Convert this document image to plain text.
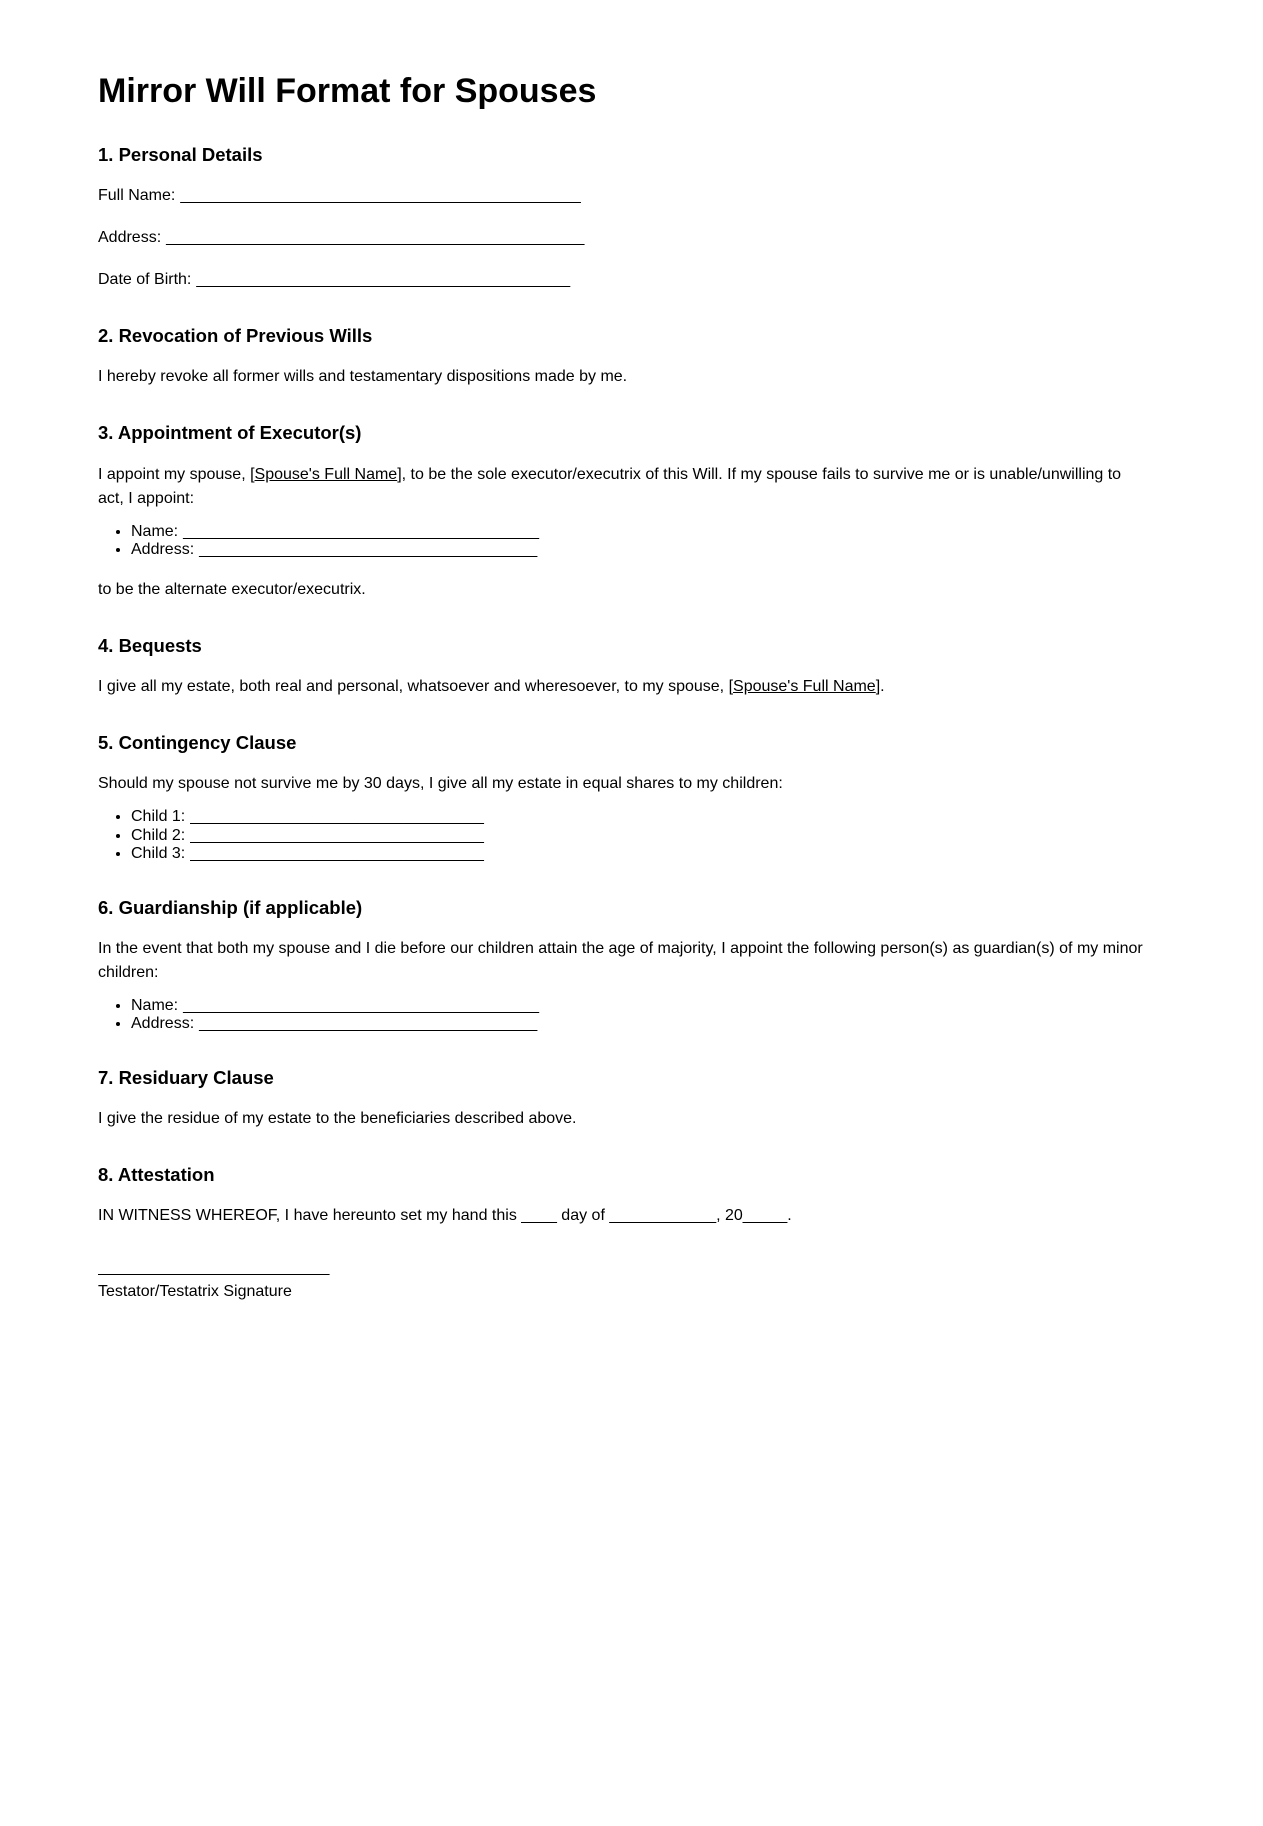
Mirror Will Format for Spouses
1. Personal Details

Full Name: _____________________________________________

Address: _______________________________________________

Date of Birth: __________________________________________

2. Revocation of Previous Wills

I hereby revoke all former wills and testamentary dispositions made by me.

3. Appointment of Executor(s)

I appoint my spouse, [Spouse's Full Name], to be the sole executor/executrix of this Will. If my spouse fails to survive me or is unable/unwilling to
act, I appoint:

• Name: ________________________________________
• Address: ______________________________________

to be the alternate executor/executrix.

4. Bequests

I give all my estate, both real and personal, whatsoever and wheresoever, to my spouse, [Spouse's Full Name].

5. Contingency Clause

Should my spouse not survive me by 30 days, I give all my estate in equal shares to my children:

• Child 1: _________________________________
• Child 2: _________________________________
• Child 3: _________________________________
6. Guardianship (if applicable)

In the event that both my spouse and I die before our children attain the age of majority, I appoint the following person(s) as guardian(s) of my minor
children:

• Name: ________________________________________
• Address: ______________________________________
7. Residuary Clause

I give the residue of my estate to the beneficiaries described above.

8. Attestation

IN WITNESS WHEREOF, I have hereunto set my hand this ____ day of ____________, 20_____.

__________________________
Testator/Testatrix Signature
